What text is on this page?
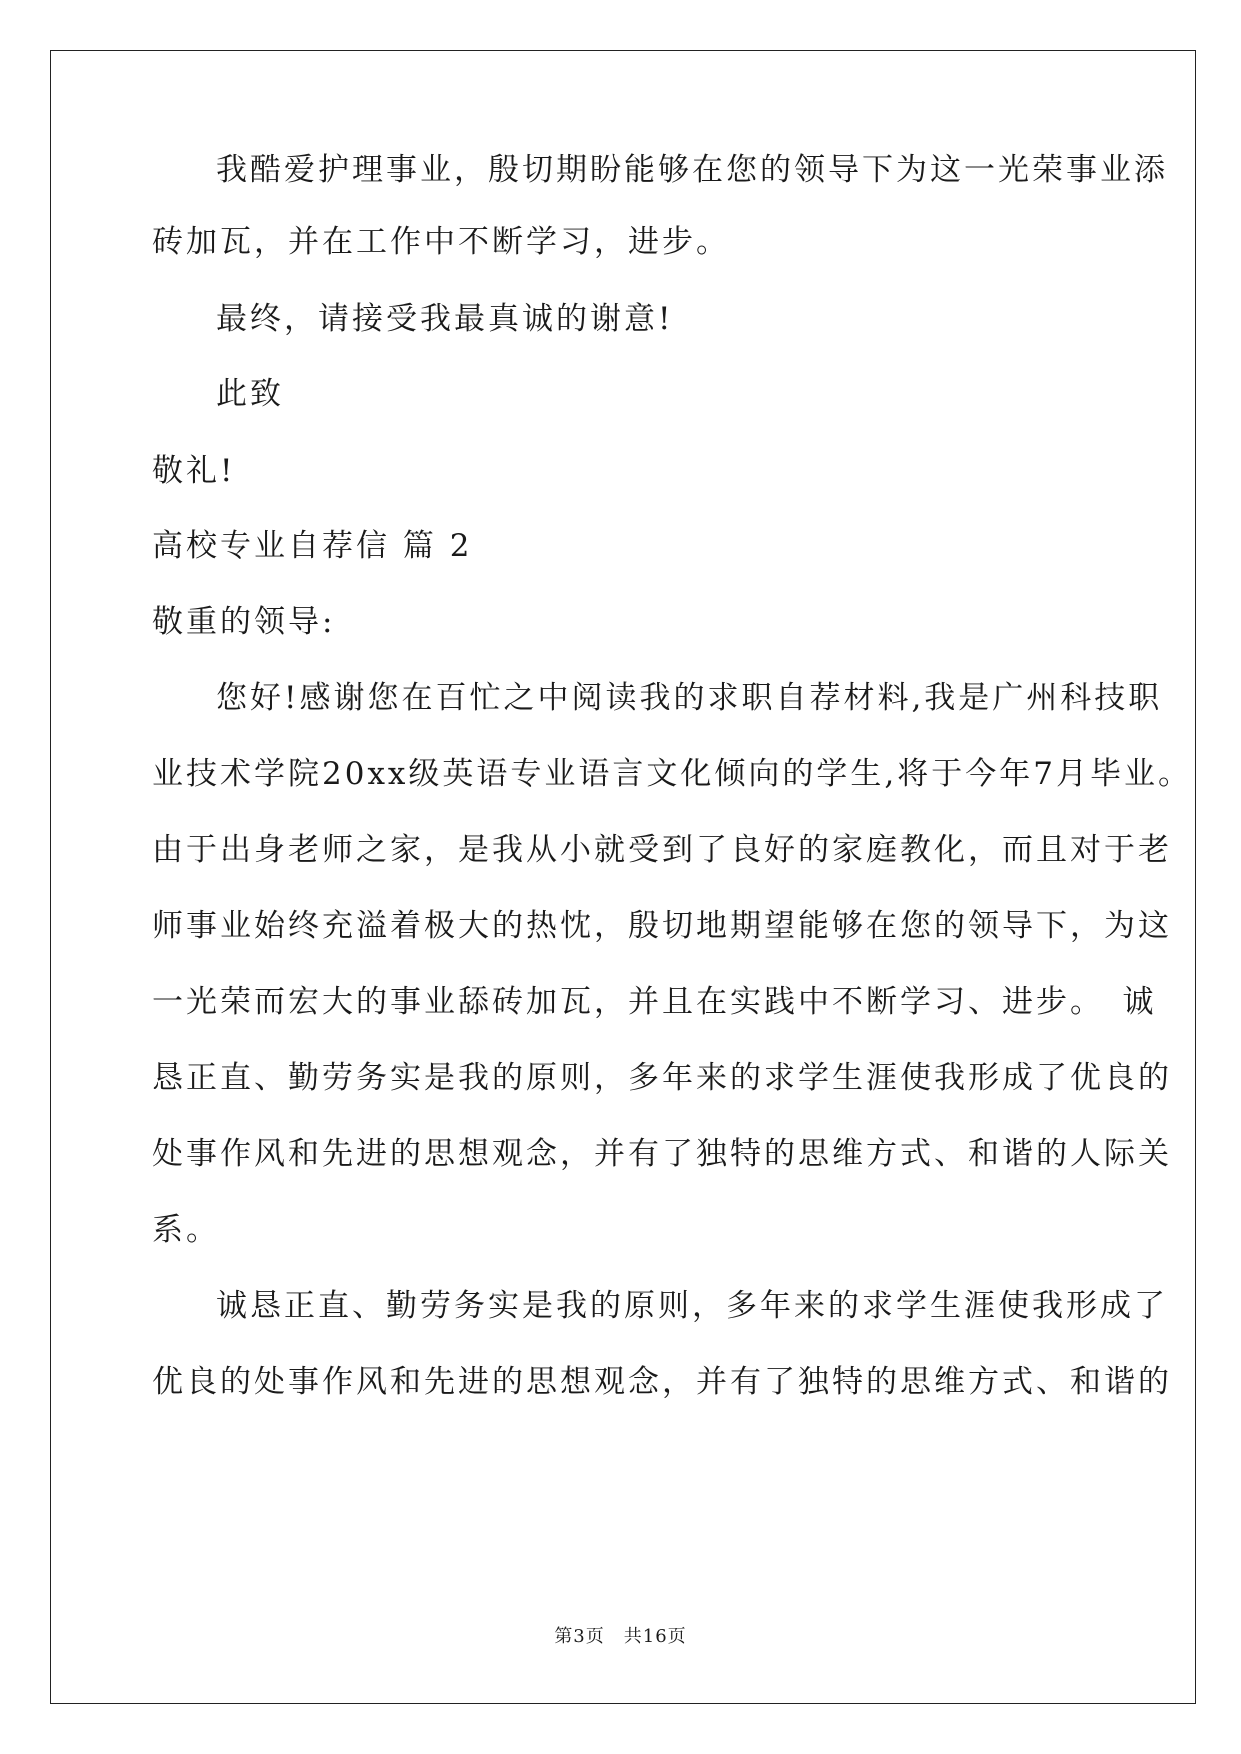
我酷爱护理事业，殷切期盼能够在您的领导下为这一光荣事业添
砖加瓦，并在工作中不断学习，进步。
最终，请接受我最真诚的谢意!
此致
敬礼!
高校专业自荐信 篇 2
敬重的领导:
您好!感谢您在百忙之中阅读我的求职自荐材料,我是广州科技职
业技术学院20xx级英语专业语言文化倾向的学生,将于今年7月毕业。
由于出身老师之家，是我从小就受到了良好的家庭教化，而且对于老
师事业始终充溢着极大的热忱，殷切地期望能够在您的领导下，为这
一光荣而宏大的事业舔砖加瓦，并且在实践中不断学习、进步。　诚
恳正直、勤劳务实是我的原则，多年来的求学生涯使我形成了优良的
处事作风和先进的思想观念，并有了独特的思维方式、和谐的人际关
系。
诚恳正直、勤劳务实是我的原则，多年来的求学生涯使我形成了
优良的处事作风和先进的思想观念，并有了独特的思维方式、和谐的
第3页　共16页
